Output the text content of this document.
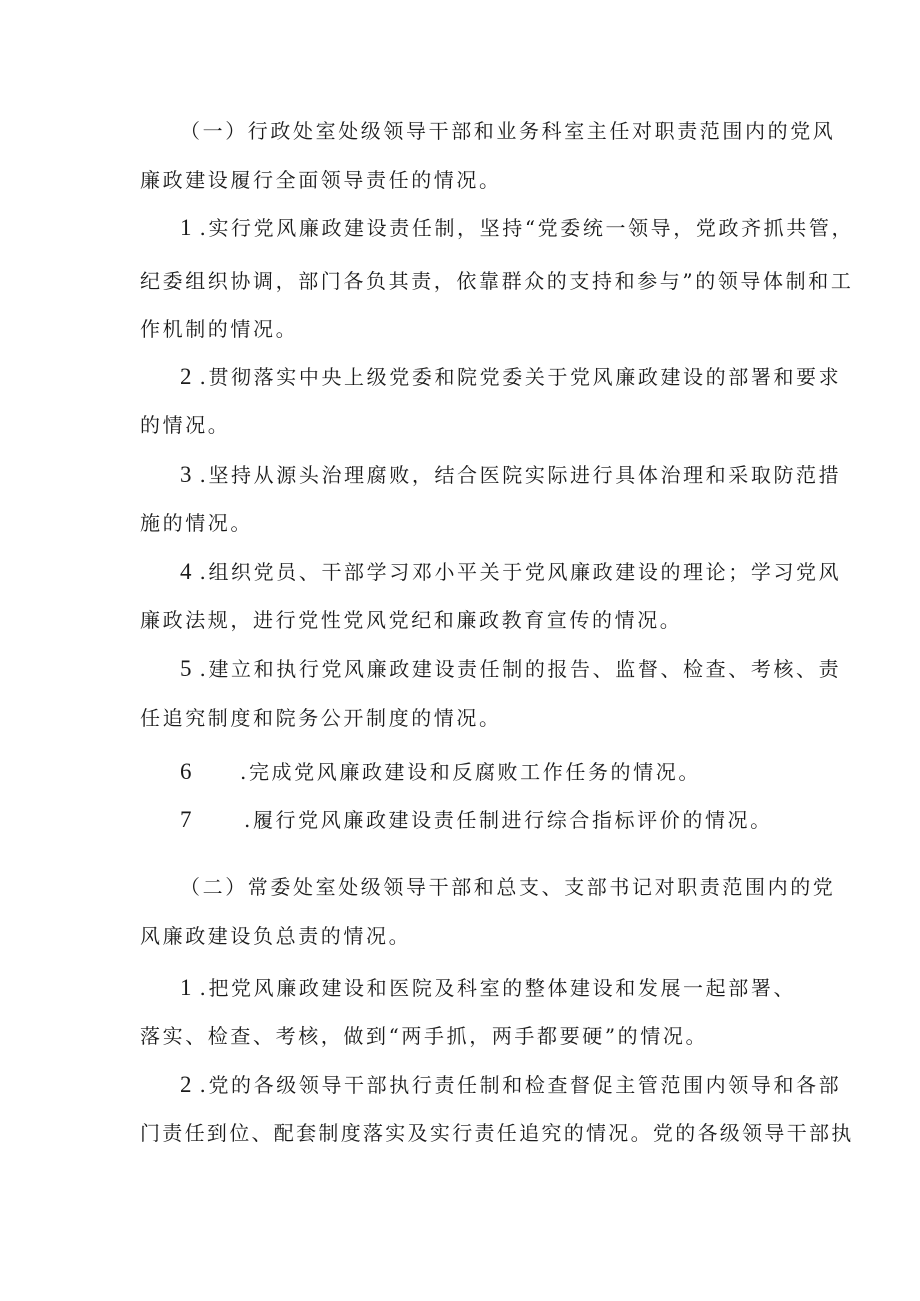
（一）行政处室处级领导干部和业务科室主任对职责范围内的党风

廉政建设履行全面领导责任的情况。

1 .实行党风廉政建设责任制，坚持“党委统一领导，党政齐抓共管，

纪委组织协调，部门各负其责，依靠群众的支持和参与”的领导体制和工

作机制的情况。

2 .贯彻落实中央上级党委和院党委关于党风廉政建设的部署和要求

的情况。

3 .坚持从源头治理腐败，结合医院实际进行具体治理和采取防范措

施的情况。

4 .组织党员、干部学习邓小平关于党风廉政建设的理论；学习党风

廉政法规，进行党性党风党纪和廉政教育宣传的情况。

5 .建立和执行党风廉政建设责任制的报告、监督、检查、考核、责

任追究制度和院务公开制度的情况。

6 .完成党风廉政建设和反腐败工作任务的情况。

7	.履行党风廉政建设责任制进行综合指标评价的情况。

（二）常委处室处级领导干部和总支、支部书记对职责范围内的党

风廉政建设负总责的情况。

1 .把党风廉政建设和医院及科室的整体建设和发展一起部署、

落实、检查、考核，做到“两手抓，两手都要硬”的情况。

2 .党的各级领导干部执行责任制和检查督促主管范围内领导和各部

门责任到位、配套制度落实及实行责任追究的情况。党的各级领导干部执
